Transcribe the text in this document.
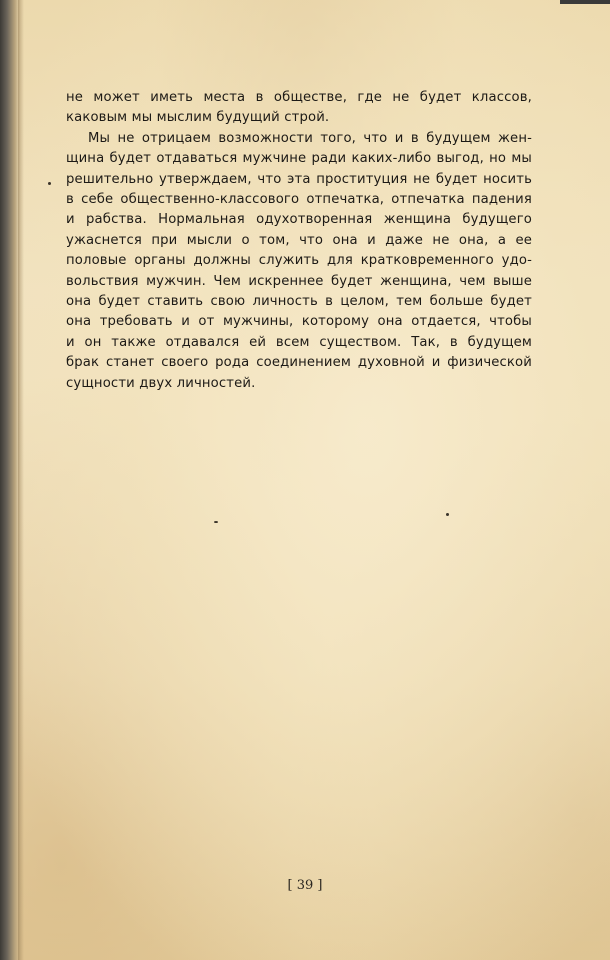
не может иметь места в обществе, где не будет классов,
каковым мы мыслим будущий строй.
Мы не отрицаем возможности того, что и в будущем жен-
щина будет отдаваться мужчине ради каких-либо выгод, но мы
решительно утверждаем, что эта проституция не будет носить
в себе общественно-классового отпечатка, отпечатка падения
и рабства. Нормальная одухотворенная женщина будущего
ужаснется при мысли о том, что она и даже не она, а ее
половые органы должны служить для кратковременного удо-
вольствия мужчин. Чем искреннее будет женщина, чем выше
она будет ставить свою личность в целом, тем больше будет
она требовать и от мужчины, которому она отдается, чтобы
и он также отдавался ей всем существом. Так, в будущем
брак станет своего рода соединением духовной и физической
сущности двух личностей.
[ 39 ]
